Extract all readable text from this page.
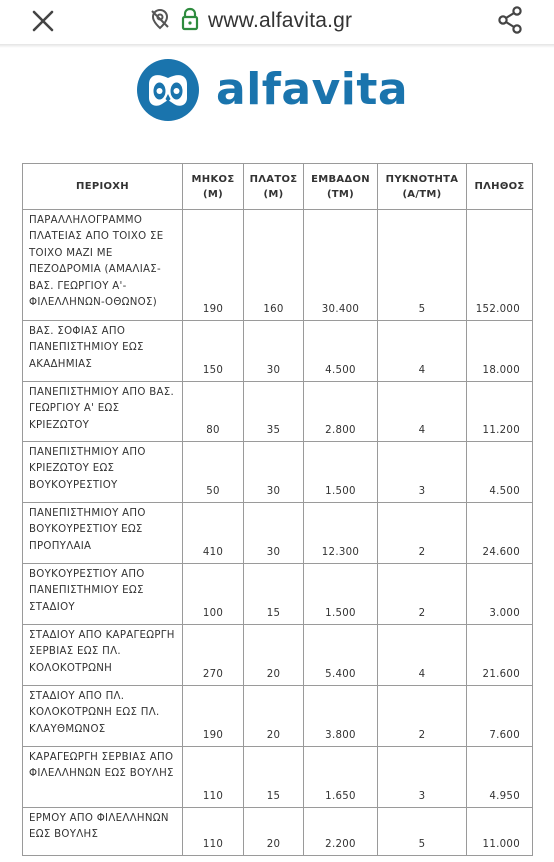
www.alfavita.gr
alfavita
ΠΕΡΙΟΧΗ	ΜΗΚΟΣ (Μ)	ΠΛΑΤΟΣ (Μ)	ΕΜΒΑΔΟΝ (ΤΜ)	ΠΥΚΝΟΤΗΤΑ (Α/ΤΜ)	ΠΛΗΘΟΣ
ΠΑΡΑΛΛΗΛΟΓΡΑΜΜΟ ΠΛΑΤΕΙΑΣ ΑΠΟ ΤΟΙΧΟ ΣΕ ΤΟΙΧΟ ΜΑΖΙ ΜΕ ΠΕΖΟΔΡΟΜΙΑ (ΑΜΑΛΙΑΣ-ΒΑΣ. ΓΕΩΡΓΙΟΥ Α'-ΦΙΛΕΛΛΗΝΩΝ-ΟΘΩΝΟΣ)	190	160	30.400	5	152.000
ΒΑΣ. ΣΟΦΙΑΣ ΑΠΟ ΠΑΝΕΠΙΣΤΗΜΙΟΥ ΕΩΣ ΑΚΑΔΗΜΙΑΣ	150	30	4.500	4	18.000
ΠΑΝΕΠΙΣΤΗΜΙΟΥ ΑΠΟ ΒΑΣ. ΓΕΩΡΓΙΟΥ Α' ΕΩΣ ΚΡΙΕΖΩΤΟΥ	80	35	2.800	4	11.200
ΠΑΝΕΠΙΣΤΗΜΙΟΥ ΑΠΟ ΚΡΙΕΖΩΤΟΥ ΕΩΣ ΒΟΥΚΟΥΡΕΣΤΙΟΥ	50	30	1.500	3	4.500
ΠΑΝΕΠΙΣΤΗΜΙΟΥ ΑΠΟ ΒΟΥΚΟΥΡΕΣΤΙΟΥ ΕΩΣ ΠΡΟΠΥΛΑΙΑ	410	30	12.300	2	24.600
ΒΟΥΚΟΥΡΕΣΤΙΟΥ ΑΠΟ ΠΑΝΕΠΙΣΤΗΜΙΟΥ ΕΩΣ ΣΤΑΔΙΟΥ	100	15	1.500	2	3.000
ΣΤΑΔΙΟΥ ΑΠΟ ΚΑΡΑΓΕΩΡΓΗ ΣΕΡΒΙΑΣ ΕΩΣ ΠΛ. ΚΟΛΟΚΟΤΡΩΝΗ	270	20	5.400	4	21.600
ΣΤΑΔΙΟΥ ΑΠΟ ΠΛ. ΚΟΛΟΚΟΤΡΩΝΗ ΕΩΣ ΠΛ. ΚΛΑΥΘΜΩΝΟΣ	190	20	3.800	2	7.600
ΚΑΡΑΓΕΩΡΓΗ ΣΕΡΒΙΑΣ ΑΠΟ ΦΙΛΕΛΛΗΝΩΝ ΕΩΣ ΒΟΥΛΗΣ	110	15	1.650	3	4.950
ΕΡΜΟΥ ΑΠΟ ΦΙΛΕΛΛΗΝΩΝ ΕΩΣ ΒΟΥΛΗΣ	110	20	2.200	5	11.000
